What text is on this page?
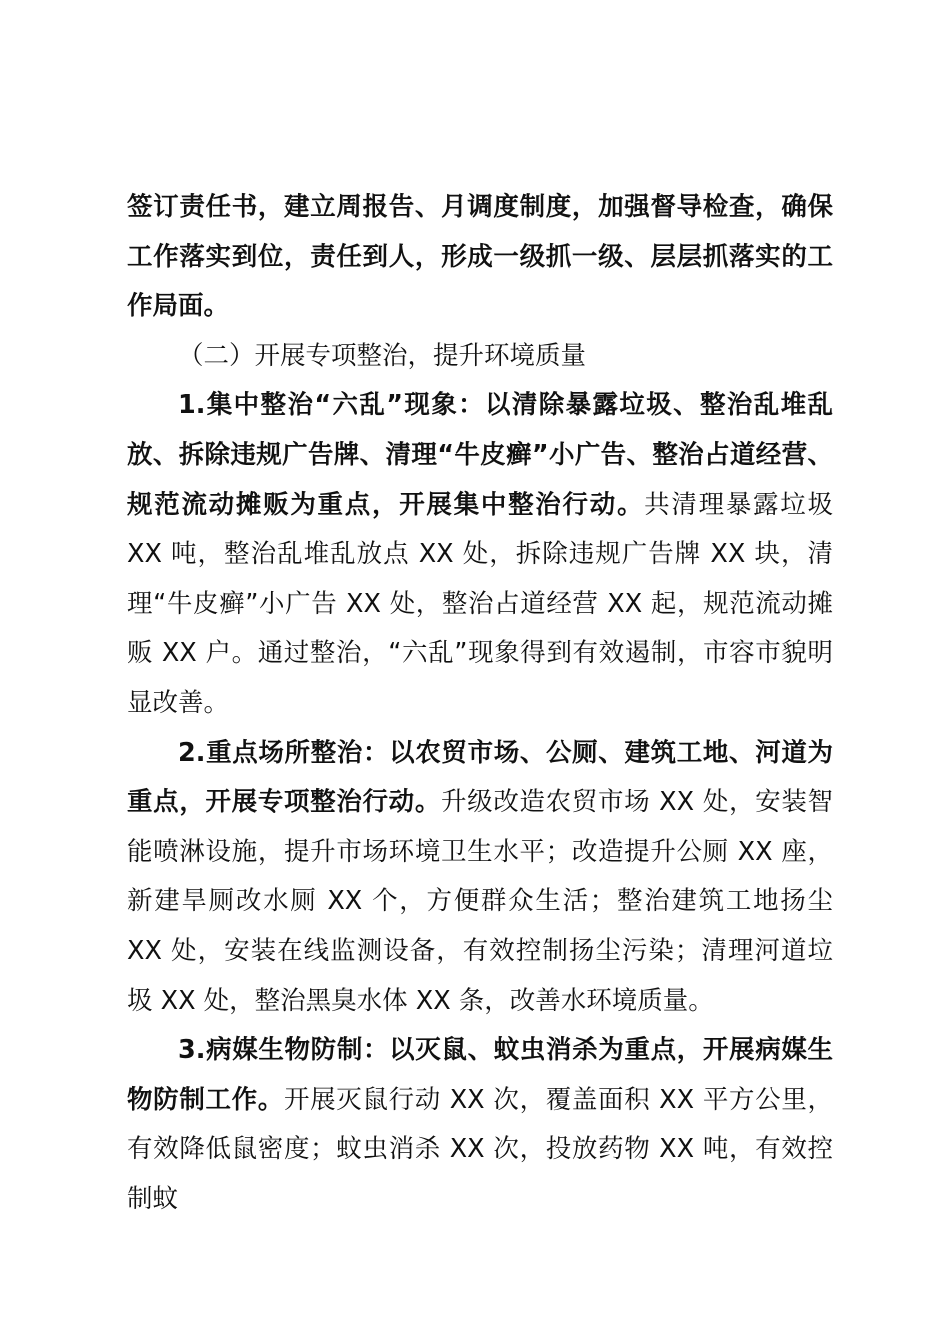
签订责任书，建立周报告、月调度制度，加强督导检查，确保工作落实到位，责任到人，形成一级抓一级、层层抓落实的工作局面。

（二）开展专项整治，提升环境质量

1.集中整治“六乱”现象：以清除暴露垃圾、整治乱堆乱放、拆除违规广告牌、清理“牛皮癣”小广告、整治占道经营、规范流动摊贩为重点，开展集中整治行动。共清理暴露垃圾 XX 吨，整治乱堆乱放点 XX 处，拆除违规广告牌 XX 块，清理“牛皮癣”小广告 XX 处，整治占道经营 XX 起，规范流动摊贩 XX 户。通过整治，“六乱”现象得到有效遏制，市容市貌明显改善。

2.重点场所整治：以农贸市场、公厕、建筑工地、河道为重点，开展专项整治行动。升级改造农贸市场 XX 处，安装智能喷淋设施，提升市场环境卫生水平；改造提升公厕 XX 座，新建旱厕改水厕 XX 个，方便群众生活；整治建筑工地扬尘 XX 处，安装在线监测设备，有效控制扬尘污染；清理河道垃圾 XX 处，整治黑臭水体 XX 条，改善水环境质量。

3.病媒生物防制：以灭鼠、蚊虫消杀为重点，开展病媒生物防制工作。开展灭鼠行动 XX 次，覆盖面积 XX 平方公里，有效降低鼠密度；蚊虫消杀 XX 次，投放药物 XX 吨，有效控制蚊
